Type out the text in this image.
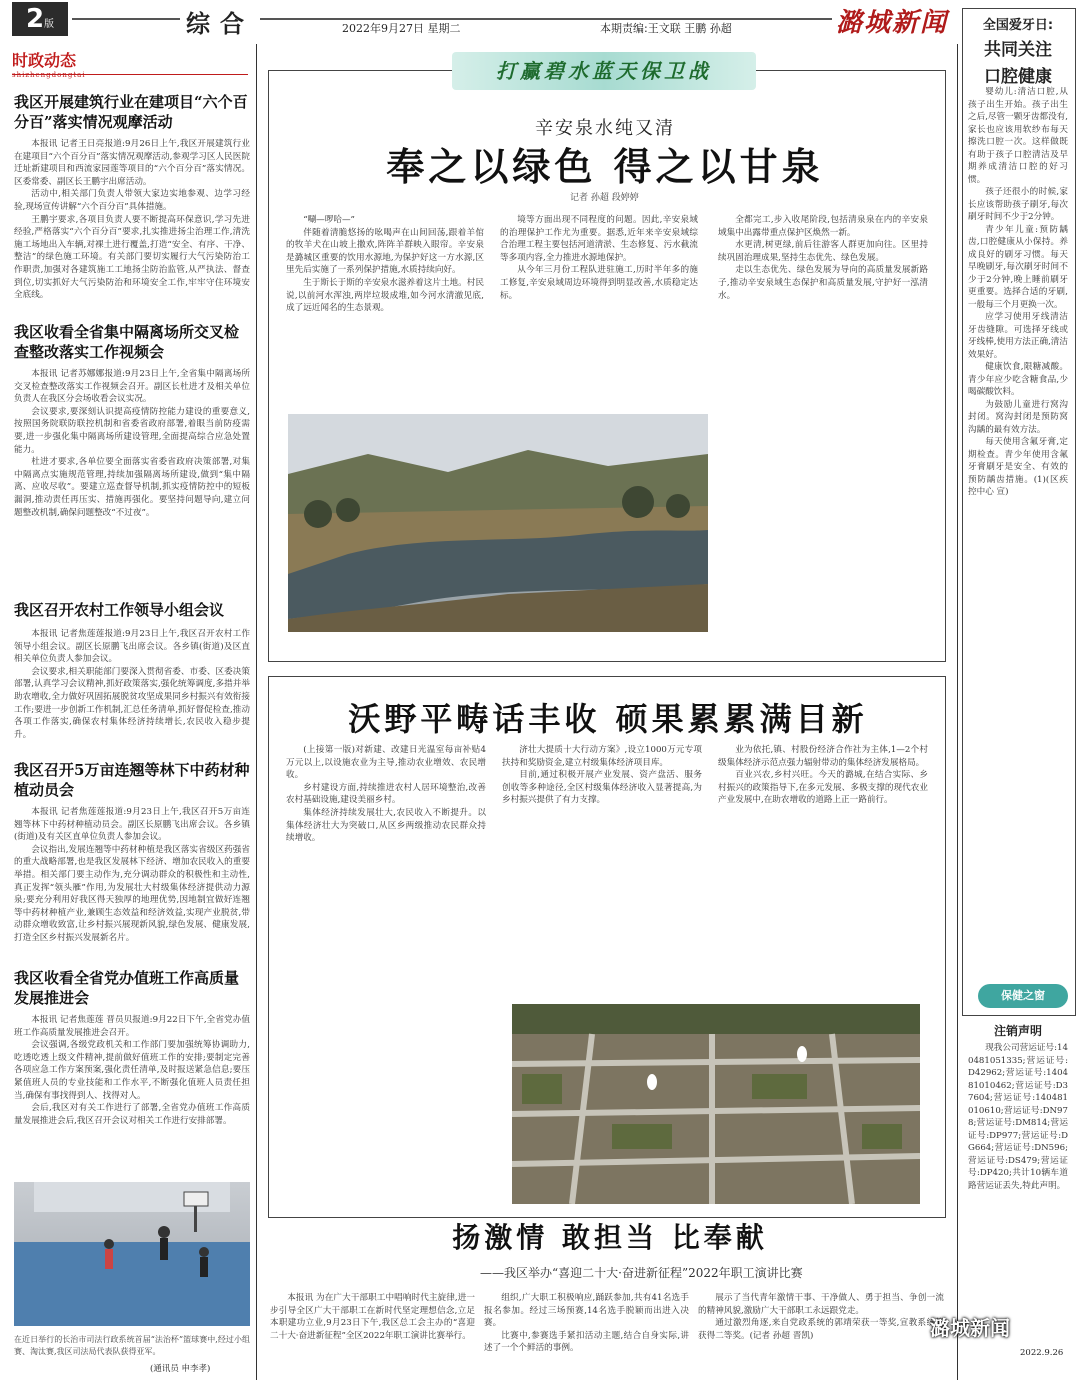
2版	综合	2022年9月27日 星期二	本期责编:王文联 王鹏 孙超	潞城新闻
时政动态
shizhengdongtai
我区开展建筑行业在建项目“六个百分百”落实情况观摩活动

本报讯 记者王日亮报道:9月26日上午,我区开展建筑行业在建项目“六个百分百”落实情况观摩活动,参观学习区人民医院迁址新建项目和西流家园莲等项目的“六个百分百”落实情况。区委常委、副区长王鹏宇出席活动。

活动中,相关部门负责人带领大家边实地参观、边学习经验,现场宣传讲解“六个百分百”具体措施。

王鹏宇要求,各项目负责人要不断提高环保意识,学习先进经验,严格落实“六个百分百”要求,扎实推进扬尘治理工作,清洗施工场地出入车辆,对裸土进行覆盖,打造“安全、有序、干净、整洁”的绿色施工环境。有关部门要切实履行大气污染防治工作职责,加强对各建筑施工工地扬尘防治监管,从严执法、督查到位,切实抓好大气污染防治和环境安全工作,牢牢守住环境安全底线。

我区收看全省集中隔离场所交叉检查整改落实工作视频会

本报讯 记者苏娜娜报道:9月23日上午,全省集中隔离场所交叉检查整改落实工作视频会召开。副区长杜进才及相关单位负责人在我区分会场收看会议实况。

会议要求,要深刻认识提高疫情防控能力建设的重要意义,按照国务院联防联控机制和省委省政府部署,着眼当前防疫需要,进一步强化集中隔离场所建设管理,全面提高综合应急处置能力。

杜进才要求,各单位要全面落实省委省政府决策部署,对集中隔离点实施规范管理,持续加强隔离场所建设,做到“集中隔离、应收尽收”。要建立巡查督导机制,抓实疫情防控中的短板漏洞,推动责任再压实、措施再强化。要坚持问题导向,建立问题整改机制,确保问题整改“不过夜”。

我区召开农村工作领导小组会议

本报讯 记者焦莲莲报道:9月23日上午,我区召开农村工作领导小组会议。副区长原鹏飞出席会议。各乡镇(街道)及区直相关单位负责人参加会议。

会议要求,相关职能部门要深入贯彻省委、市委、区委决策部署,认真学习会议精神,抓好政策落实,强化统筹调度,多措并举助农增收,全力做好巩固拓展脱贫攻坚成果同乡村振兴有效衔接工作;要进一步创新工作机制,汇总任务清单,抓好督促检查,推动各项工作落实,确保农村集体经济持续增长,农民收入稳步提升。

我区召开5万亩连翘等林下中药材种植动员会

本报讯 记者焦莲莲报道:9月23日上午,我区召开5万亩连翘等林下中药材种植动员会。副区长原鹏飞出席会议。各乡镇(街道)及有关区直单位负责人参加会议。

会议指出,发展连翘等中药材种植是我区落实省级区药强省的重大战略部署,也是我区发展林下经济、增加农民收入的重要举措。相关部门要主动作为,充分调动群众的积极性和主动性,真正发挥“领头雁”作用,为发展壮大村级集体经济提供动力源泉;要充分利用好我区得天独厚的地理优势,因地制宜做好连翘等中药材种植产业,兼顾生态效益和经济效益,实现产业脱贫,带动群众增收致富,让乡村振兴展现新风貌,绿色发展、健康发展,打造全区乡村振兴发展新名片。

我区收看全省党办值班工作高质量发展推进会

本报讯 记者焦莲莲 晋员贝报道:9月22日下午,全省党办值班工作高质量发展推进会召开。

会议强调,各级党政机关和工作部门要加强统筹协调助力,吃透吃透上级文件精神,提前做好值班工作的安排;要制定完善各项应急工作方案预案,强化责任清单,及时报送紧急信息;要压紧值班人员的专业技能和工作水平,不断强化值班人员责任担当,确保有事找得到人、找得对人。

会后,我区对有关工作进行了部署,全省党办值班工作高质量发展推进会后,我区召开会议对相关工作进行安排部署。

在近日举行的长治市司法行政系统首届“法治杯”篮球赛中,经过小组赛、淘汰赛,我区司法局代表队获得亚军。
(通讯员 申李孝)
打赢碧水蓝天保卫战
辛安泉水纯又清
奉之以绿色 得之以甘泉
记者 孙超 段婷婷

“唰—啰哈—”

伴随着清脆悠扬的吆喝声在山间回荡,跟着羊倌的牧羊犬在山坡上撒欢,阵阵羊群映入眼帘。辛安泉是潞城区重要的饮用水源地,为保护好这一方水源,区里先后实施了一系列保护措施,水质持续向好。

生于斯长于斯的辛安泉水滋养着这片土地。村民说,以前河水浑浊,两岸垃圾成堆,如今河水清澈见底,成了远近闻名的生态景观。

境等方面出现不同程度的问题。因此,辛安泉域的治理保护工作尤为重要。据悉,近年来辛安泉域综合治理工程主要包括河道清淤、生态修复、污水截流等多项内容,全力推进水源地保护。

从今年三月份工程队进驻施工,历时半年多的施工修复,辛安泉域周边环境得到明显改善,水质稳定达标。

全都完工,步入收尾阶段,包括清泉泉在内的辛安泉域集中出露带重点保护区焕然一新。

水更清,树更绿,前后往游客人群更加向往。区里持续巩固治理成果,坚持生态优先、绿色发展。

走以生态优先、绿色发展为导向的高质量发展新路子,推动辛安泉域生态保护和高质量发展,守护好一泓清水。

沃野平畴话丰收 硕果累累满目新

(上接第一版)对新建、改建日光温室每亩补贴4万元以上,以设施农业为主导,推动农业增效、农民增收。

乡村建设方面,持续推进农村人居环境整治,改善农村基础设施,建设美丽乡村。

集体经济持续发展壮大,农民收入不断提升。以集体经济壮大为突破口,从区乡两级推动农民群众持续增收。

济壮大提质十大行动方案》,设立1000万元专项扶持和奖励资金,建立村级集体经济项目库。

目前,通过积极开展产业发展、资产盘活、服务创收等多种途径,全区村级集体经济收入显著提高,为乡村振兴提供了有力支撑。

业为依托,镇、村股份经济合作社为主体,1—2个村级集体经济示范点强力辐射带动的集体经济发展格局。

百业兴农,乡村兴旺。今天的潞城,在结合实际、乡村振兴的政策指导下,在多元发展、多极支撑的现代农业产业发展中,在助农增收的道路上正一路前行。

扬激情 敢担当 比奉献
——我区举办“喜迎二十大·奋进新征程”2022年职工演讲比赛

本报讯 为在广大干部职工中唱响时代主旋律,进一步引导全区广大干部职工在新时代坚定理想信念,立足本职建功立业,9月23日下午,我区总工会主办的“喜迎二十大·奋进新征程”全区2022年职工演讲比赛举行。

组织,广大职工积极响应,踊跃参加,共有41名选手报名参加。经过三场预赛,14名选手脱颖而出进入决赛。

比赛中,参赛选手紧扣活动主题,结合自身实际,讲述了一个个鲜活的事例。

展示了当代青年激情干事、干净做人、勇于担当、争创一流的精神风貌,激励广大干部职工永远跟党走。

通过激烈角逐,来自党政系统的郭靖荣获一等奖,宣教系统等获得二等奖。(记者 孙超 晋凯)

全国爱牙日:
共同关注
口腔健康

婴幼儿:清洁口腔,从孩子出生开始。孩子出生之后,尽管一颗牙齿都没有,家长也应该用软纱布每天擦洗口腔一次。这样做既有助于孩子口腔清洁及早期养成清洁口腔的好习惯。

孩子还很小的时候,家长应该帮助孩子刷牙,每次刷牙时间不少于2分钟。

青少年儿童:预防龋齿,口腔健康从小保持。养成良好的刷牙习惯。每天早晚刷牙,每次刷牙时间不少于2分钟,晚上睡前刷牙更重要。选择合适的牙刷,一般每三个月更换一次。

应学习使用牙线清洁牙齿缝隙。可选择牙线或牙线棒,使用方法正确,清洁效果好。

健康饮食,限糖减酸。青少年应少吃含糖食品,少喝碳酸饮料。

为鼓励儿童进行窝沟封闭。窝沟封闭是预防窝沟龋的最有效方法。

每天使用含氟牙膏,定期检查。青少年使用含氟牙膏刷牙是安全、有效的预防龋齿措施。(1)(区疾控中心 宣)

保健之窗
注销声明

现我公司营运证号:140481051335;营运证号:D42962;营运证号:140481010462;营运证号:D37604;营运证号:140481010610;营运证号:DN978;营运证号:DM814;营运证号:DP977;营运证号:DG664;营运证号:DN596;营运证号:DS479;营运证号:DP420;共计10辆车道路营运证丢失,特此声明。

2022.9.26
潞城新闻
